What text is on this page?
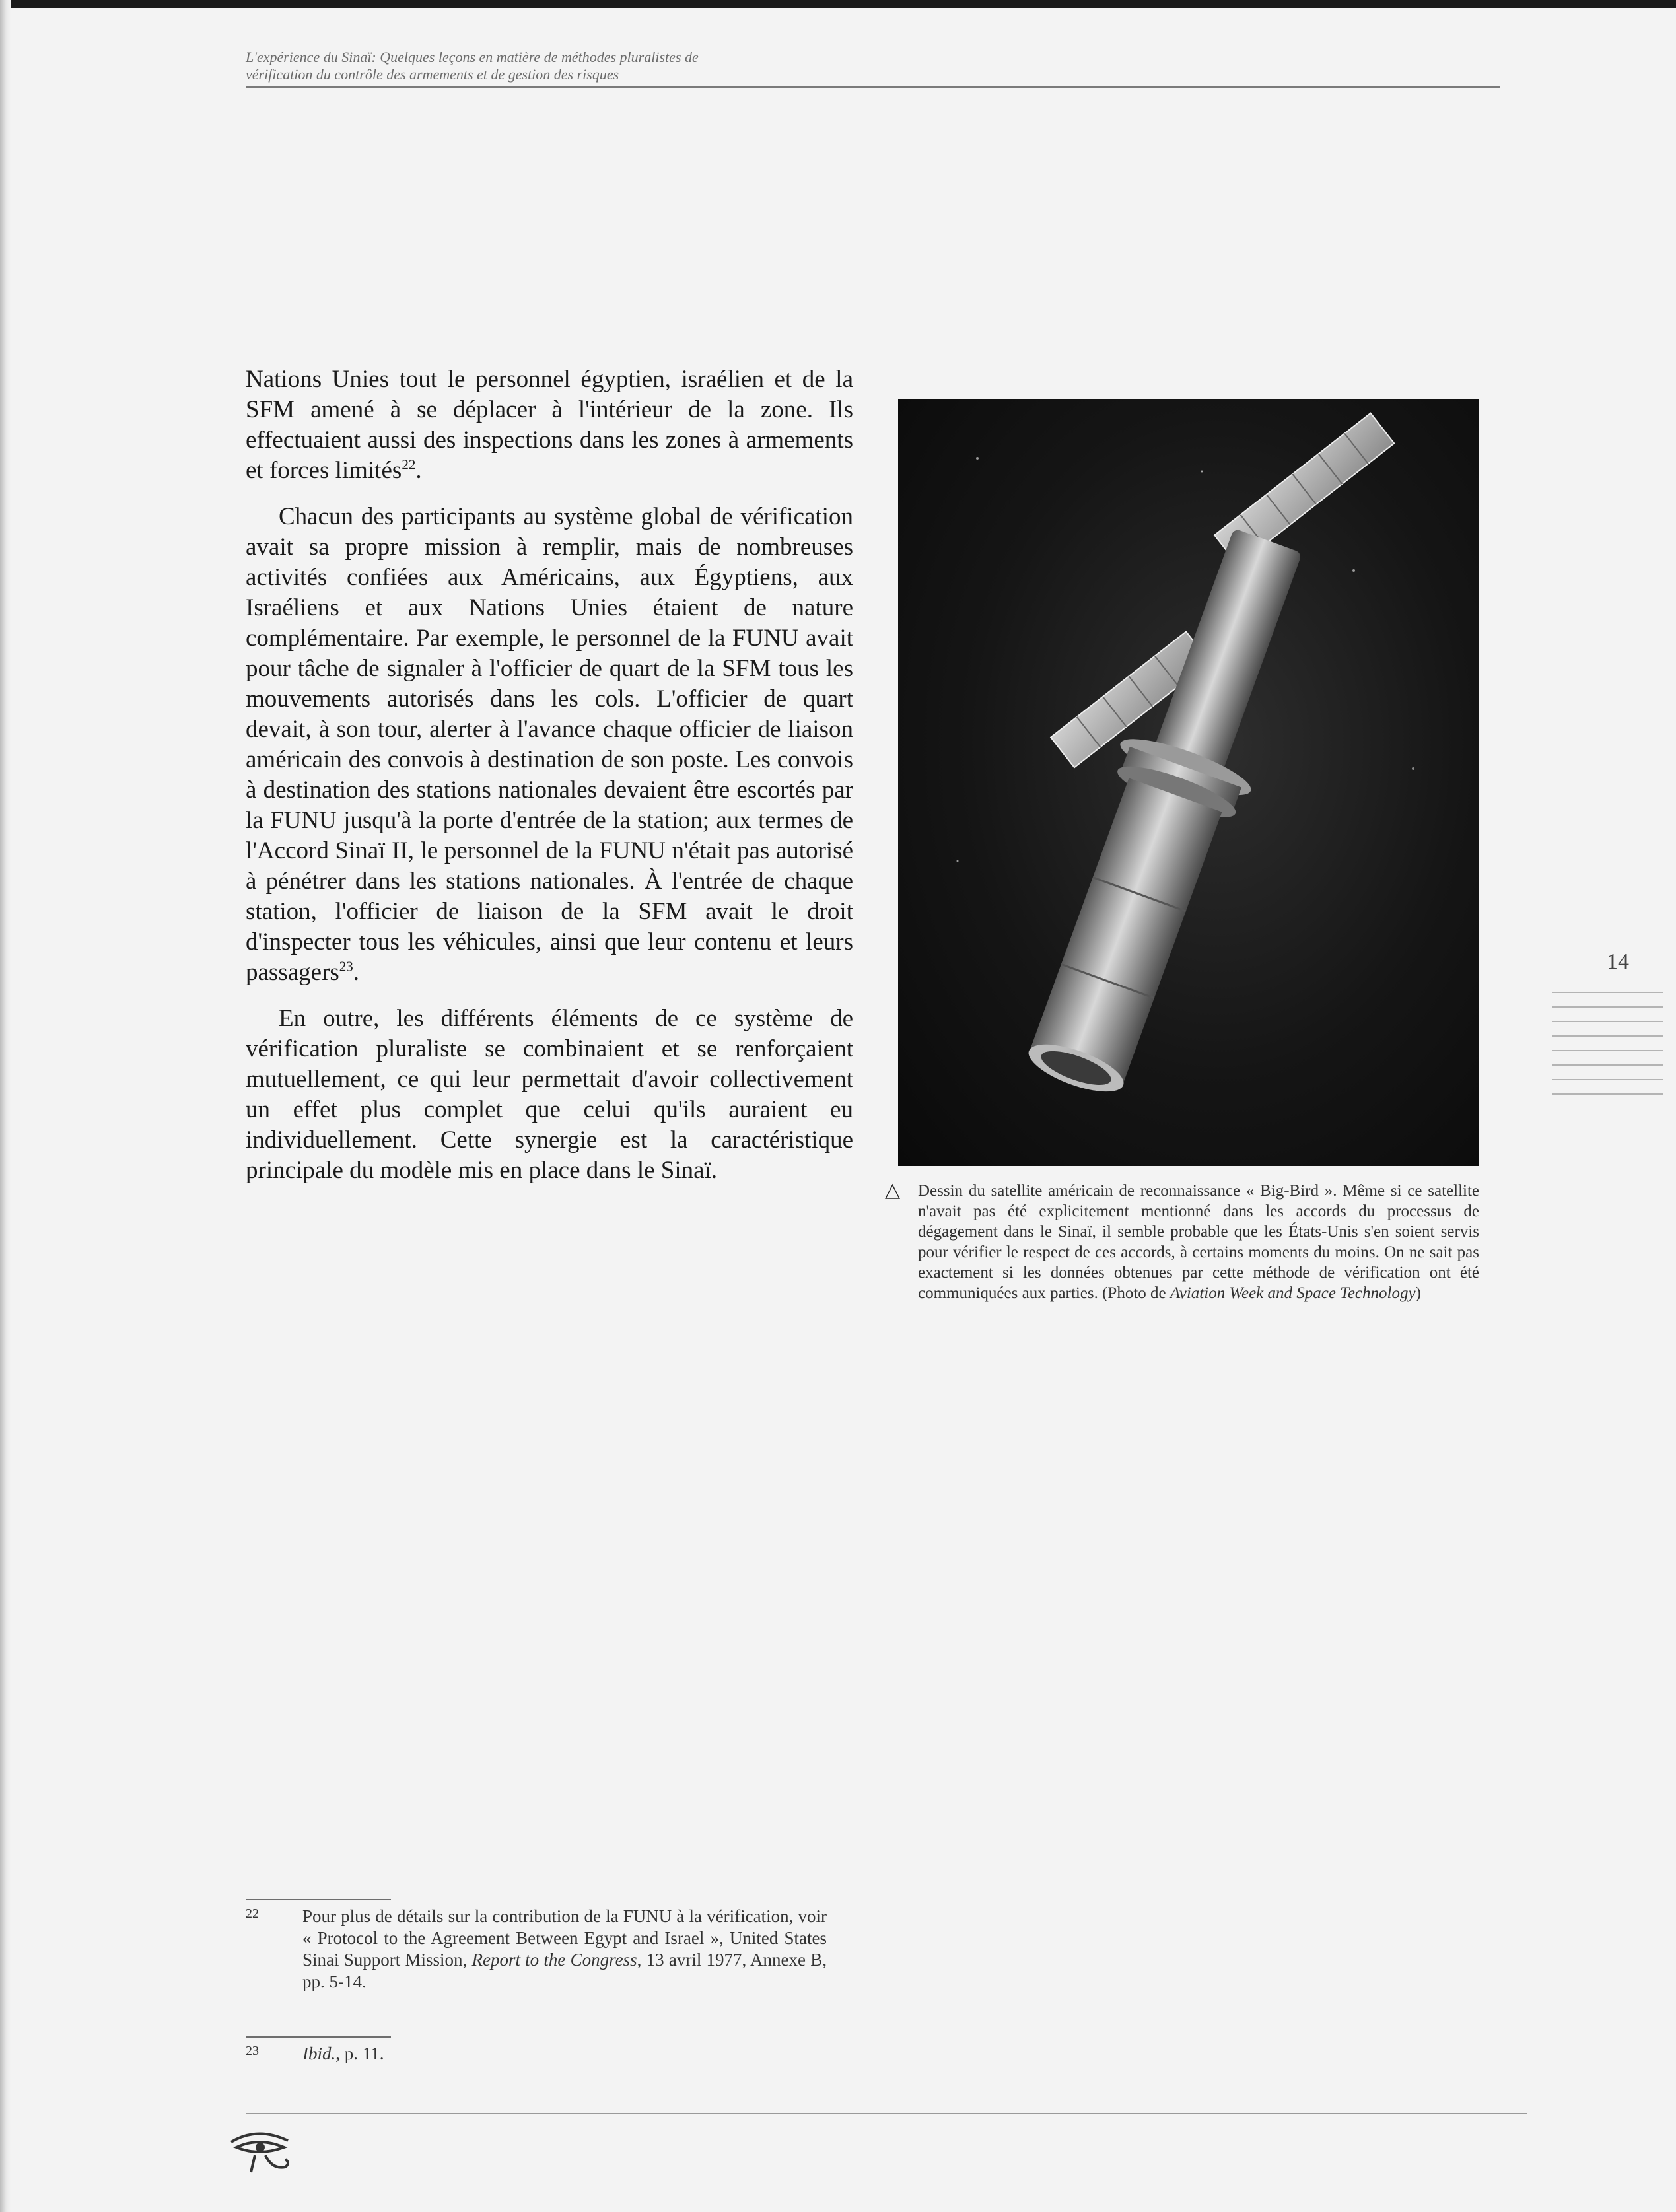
L'expérience du Sinaï: Quelques leçons en matière de méthodes pluralistes de
vérification du contrôle des armements et de gestion des risques

Nations Unies tout le personnel égyptien, israélien et de la SFM amené à se déplacer à l'intérieur de la zone. Ils effectuaient aussi des inspections dans les zones à armements et forces limités$^{22}$.

Chacun des participants au système global de vérification avait sa propre mission à remplir, mais de nombreuses activités confiées aux Américains, aux Égyptiens, aux Israéliens et aux Nations Unies étaient de nature complémentaire. Par exemple, le personnel de la FUNU avait pour tâche de signaler à l'officier de quart de la SFM tous les mouvements autorisés dans les cols. L'officier de quart devait, à son tour, alerter à l'avance chaque officier de liaison américain des convois à destination de son poste. Les convois à destination des stations nationales devaient être escortés par la FUNU jusqu'à la porte d'entrée de la station; aux termes de l'Accord Sinaï II, le personnel de la FUNU n'était pas autorisé à pénétrer dans les stations nationales. À l'entrée de chaque station, l'officier de liaison de la SFM avait le droit d'inspecter tous les véhicules, ainsi que leur contenu et leurs passagers$^{23}$.

En outre, les différents éléments de ce système de vérification pluraliste se combinaient et se renforçaient mutuellement, ce qui leur permettait d'avoir collectivement un effet plus complet que celui qu'ils auraient eu individuellement. Cette synergie est la caractéristique principale du modèle mis en place dans le Sinaï.

△ Dessin du satellite américain de reconnaissance « Big-Bird ». Même si ce satellite n'avait pas été explicitement mentionné dans les accords du processus de dégagement dans le Sinaï, il semble probable que les États-Unis s'en soient servis pour vérifier le respect de ces accords, à certains moments du moins. On ne sait pas exactement si les données obtenues par cette méthode de vérification ont été communiquées aux parties. (Photo de Aviation Week and Space Technology)
14
22 Pour plus de détails sur la contribution de la FUNU à la vérification, voir « Protocol to the Agreement Between Egypt and Israel », United States Sinai Support Mission, Report to the Congress, 13 avril 1977, Annexe B, pp. 5-14.
23 Ibid., p. 11.
